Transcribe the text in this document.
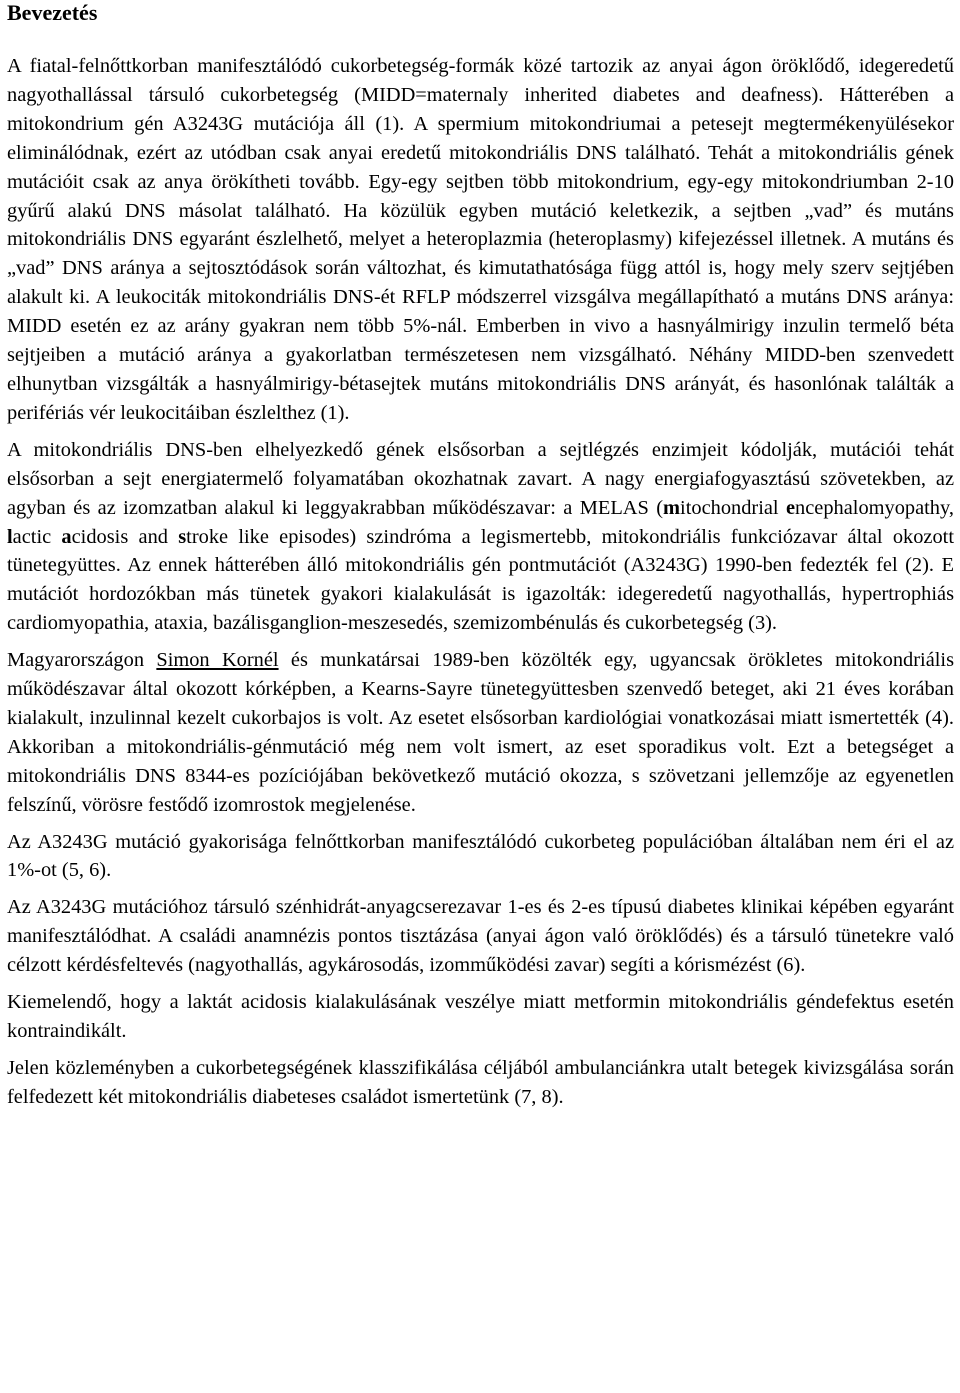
Bevezetés

A fiatal-felnőttkorban manifesztálódó cukorbetegség-formák közé tartozik az anyai ágon öröklődő, idegeredetű nagyothallással társuló cukorbetegség (MIDD=maternaly inherited diabetes and deafness). Hátterében a mitokondrium gén A3243G mutációja áll (1). A spermium mitokondriumai a petesejt megtermékenyülésekor eliminálódnak, ezért az utódban csak anyai eredetű mitokondriális DNS található. Tehát a mitokondriális gének mutációit csak az anya örökítheti tovább. Egy-egy sejtben több mitokondrium, egy-egy mitokondriumban 2-10 gyűrű alakú DNS másolat található. Ha közülük egyben mutáció keletkezik, a sejtben „vad” és mutáns mitokondriális DNS egyaránt észlelhető, melyet a heteroplazmia (heteroplasmy) kifejezéssel illetnek. A mutáns és „vad” DNS aránya a sejtosztódások során változhat, és kimutathatósága függ attól is, hogy mely szerv sejtjében alakult ki. A leukociták mitokondriális DNS-ét RFLP módszerrel vizsgálva megállapítható a mutáns DNS aránya: MIDD esetén ez az arány gyakran nem több 5%-nál. Emberben in vivo a hasnyálmirigy inzulin termelő béta sejtjeiben a mutáció aránya a gyakorlatban természetesen nem vizsgálható. Néhány MIDD-ben szenvedett elhunytban vizsgálták a hasnyálmirigy-bétasejtek mutáns mitokondriális DNS arányát, és hasonlónak találták a perifériás vér leukocitáiban észlelthez (1).

A mitokondriális DNS-ben elhelyezkedő gének elsősorban a sejtlégzés enzimjeit kódolják, mutációi tehát elsősorban a sejt energiatermelő folyamatában okozhatnak zavart. A nagy energiafogyasztású szövetekben, az agyban és az izomzatban alakul ki leggyakrabban működészavar: a MELAS (mitochondrial encephalomyopathy, lactic acidosis and stroke like episodes) szindróma a legismertebb, mitokondriális funkciózavar által okozott tünetegyüttes. Az ennek hátterében álló mitokondriális gén pontmutációt (A3243G) 1990-ben fedezték fel (2). E mutációt hordozókban más tünetek gyakori kialakulását is igazolták: idegeredetű nagyothallás, hypertrophiás cardiomyopathia, ataxia, bazálisganglion-meszesedés, szemizombénulás és cukorbetegség (3).

Magyarországon Simon Kornél és munkatársai 1989-ben közölték egy, ugyancsak örökletes mitokondriális működészavar által okozott kórképben, a Kearns-Sayre tünetegyüttesben szenvedő beteget, aki 21 éves korában kialakult, inzulinnal kezelt cukorbajos is volt. Az esetet elsősorban kardiológiai vonatkozásai miatt ismertették (4). Akkoriban a mitokondriális-génmutáció még nem volt ismert, az eset sporadikus volt. Ezt a betegséget a mitokondriális DNS 8344-es pozíciójában bekövetkező mutáció okozza, s szövetzani jellemzője az egyenetlen felszínű, vörösre festődő izomrostok megjelenése.

Az A3243G mutáció gyakorisága felnőttkorban manifesztálódó cukorbeteg populációban általában nem éri el az 1%-ot (5, 6).

Az A3243G mutációhoz társuló szénhidrát-anyagcserezavar 1-es és 2-es típusú diabetes klinikai képében egyaránt manifesztálódhat. A családi anamnézis pontos tisztázása (anyai ágon való öröklődés) és a társuló tünetekre való célzott kérdésfeltevés (nagyothallás, agykárosodás, izomműködési zavar) segíti a kórismézést (6).

Kiemelendő, hogy a laktát acidosis kialakulásának veszélye miatt metformin mitokondriális géndefektus esetén kontraindikált.

Jelen közleményben a cukorbetegségének klasszifikálása céljából ambulanciánkra utalt betegek kivizsgálása során felfedezett két mitokondriális diabeteses családot ismertetünk (7, 8).
